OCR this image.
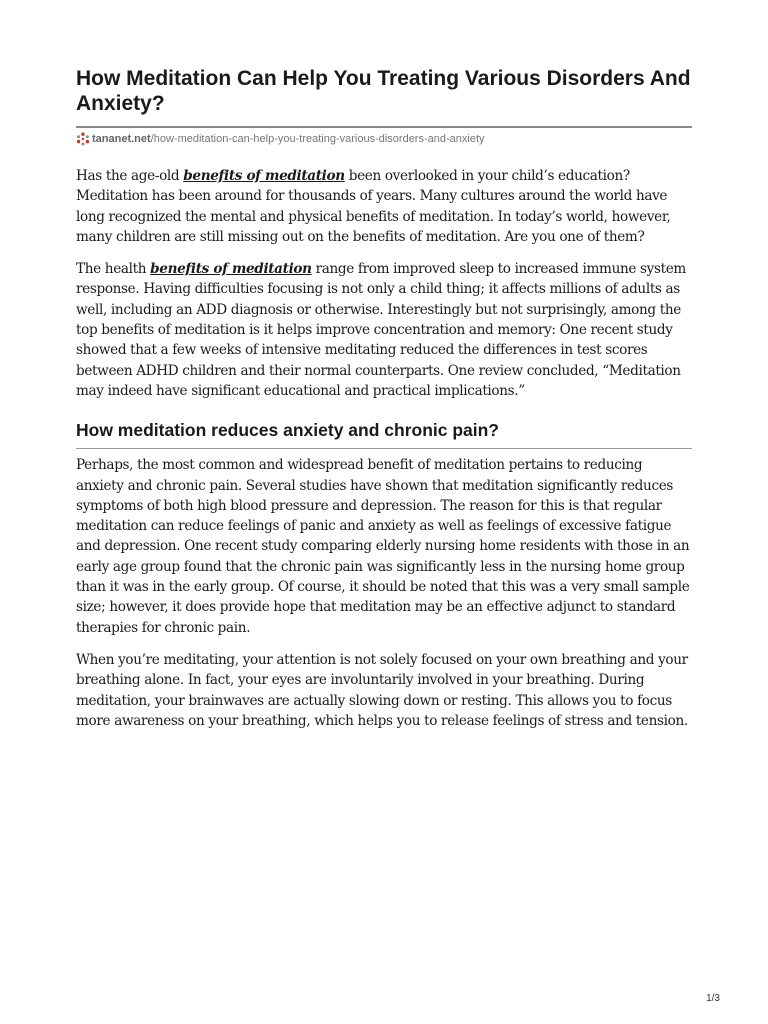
How Meditation Can Help You Treating Various Disorders And Anxiety?
tananet.net /how-meditation-can-help-you-treating-various-disorders-and-anxiety

Has the age-old benefits of meditation been overlooked in your child’s education? Meditation has been around for thousands of years. Many cultures around the world have long recognized the mental and physical benefits of meditation. In today’s world, however, many children are still missing out on the benefits of meditation. Are you one of them?

The health benefits of meditation range from improved sleep to increased immune system response. Having difficulties focusing is not only a child thing; it affects millions of adults as well, including an ADD diagnosis or otherwise. Interestingly but not surprisingly, among the top benefits of meditation is it helps improve concentration and memory: One recent study showed that a few weeks of intensive meditating reduced the differences in test scores between ADHD children and their normal counterparts. One review concluded, “Meditation may indeed have significant educational and practical implications.”

How meditation reduces anxiety and chronic pain?

Perhaps, the most common and widespread benefit of meditation pertains to reducing anxiety and chronic pain. Several studies have shown that meditation significantly reduces symptoms of both high blood pressure and depression. The reason for this is that regular meditation can reduce feelings of panic and anxiety as well as feelings of excessive fatigue and depression. One recent study comparing elderly nursing home residents with those in an early age group found that the chronic pain was significantly less in the nursing home group than it was in the early group. Of course, it should be noted that this was a very small sample size; however, it does provide hope that meditation may be an effective adjunct to standard therapies for chronic pain.

When you’re meditating, your attention is not solely focused on your own breathing and your breathing alone. In fact, your eyes are involuntarily involved in your breathing. During meditation, your brainwaves are actually slowing down or resting. This allows you to focus more awareness on your breathing, which helps you to release feelings of stress and tension.

1/3
